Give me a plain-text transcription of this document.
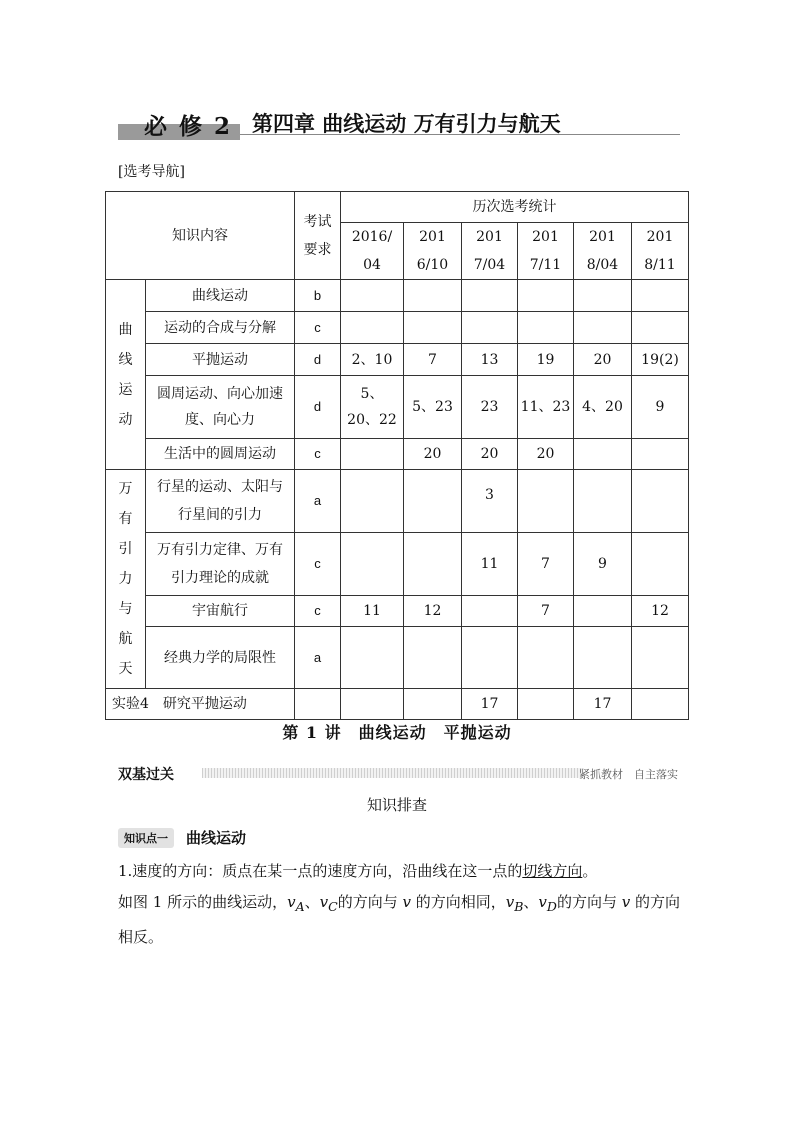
必 修 2 第四章 曲线运动 万有引力与航天
[选考导航]
知识内容		考试要求	历次选考统计					

			2016/04	2016/10	2017/04	2017/11	2018/04	2018/11

曲线运动	曲线运动	b						
	运动的合成与分解	c						
	平抛运动	d	2、10	7	13	19	20	19(2)

	圆周运动、向心加速度、向心力	d	5、20、22	5、23	23	11、23	4、20	9
	生活中的圆周运动	c		20	20	20		

万有引力与航天	行星的运动、太阳与行星间的引力	a			3			

	万有引力定律、万有引力理论的成就	c			11	7	9	
	宇宙航行	c	11	12		7		12
	经典力学的局限性	a						
实验4　研究平抛运动					17		17	
第 1 讲　曲线运动　平抛运动
双基过关	紧抓教材　自主落实
知识排查
知识点一	曲线运动
1.速度的方向：质点在某一点的速度方向，沿曲线在这一点的切线方向。
如图 1 所示的曲线运动，$v_A$、$v_C$的方向与 v 的方向相同，$v_B$、$v_D$的方向与 v 的方向相反。
